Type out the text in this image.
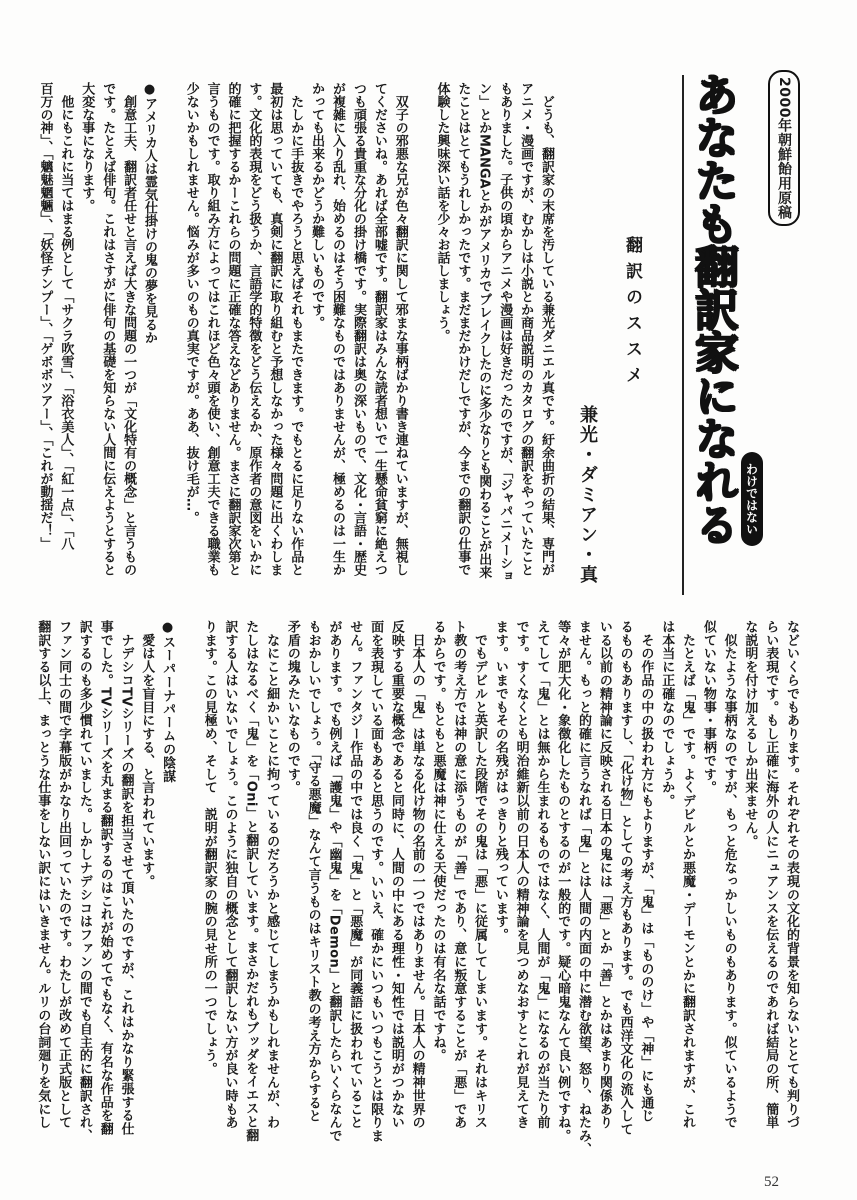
2000年朝鮮飴用原稿
あなたも翻訳家になれる わけではない
翻訳のススメ
兼光・ダミアン・真
　どうも、翻訳家の末席を汚している兼光ダニエル真です。紆余曲折の結果、専門が
アニメ・漫画ですが、むかしは小説とか商品説明のカタログの翻訳をやっていたこと
もありました。子供の頃からアニメや漫画は好きだったのですが、「ジャパニメーショ
ン」とかMANGAとかがアメリカでブレイクしたのに多少なりとも関わることが出来
たことはとてもうれしかったです。まだまだかけだしですが、今までの翻訳の仕事で
体験した興味深い話を少々お話しましょう。
　双子の邪悪な兄が色々翻訳に関して邪まな事柄ばかり書き連ねていますが、無視し
てくださいね。あれば全部嘘です。翻訳家はみんな読者想いで一生懸命貧窮に絶えつ
つも頑張る貴重な分化の掛け橋です。実際翻訳は奥の深いもので、文化・言語・歴史
が複雑に入り乱れ、始めるのはそう困難なものではありませんが、極めるのは一生か
かっても出来るかどうか難しいものです。
　たしかに手抜きでやろうと思えばそれもまたできます。でもとるに足りない作品と
最初は思っていても、真剣に翻訳に取り組むと予想しなかった様々問題に出くわしま
す。文化的表現をどう扱うか、言語学的特徴をどう伝えるか、原作者の意図をいかに
的確に把握するかーこれらの問題に正確な答えなどありません。まさに翻訳家次第と
言うものです。取り組み方によってはこれほど色々頭を使い、創意工夫できる職業も
少ないかもしれません。悩みが多いのもの真実ですが。ああ、抜け毛が…。
●アメリカ人は霊気仕掛けの鬼の夢を見るか
　創意工夫、翻訳者任せと言えば大きな問題の一つが「文化特有の概念」と言うもの
です。たとえば俳句。これはさすがに俳句の基礎を知らない人間に伝えようとすると
大変な事になります。
　他にもこれに当てはまる例として「サクラ吹雪」、「浴衣美人」、「紅一点」、「八
百万の神」、「魑魅魍魎」、「妖怪チンプー」、「ゲボボツアー」、「これが動揺だ！」
などいくらでもあります。それぞれその表現の文化的背景を知らないととても判りづ
らい表現です。もし正確に海外の人にニュアンスを伝えるのであれば結局の所、簡単
な説明を付け加えるしか出来ません。
　似たような事柄なのですが、もっと危なっかしいものもあります。似ているようで
似ていない物事・事柄です。
　たとえば「鬼」です。よくデビルとか悪魔・デーモンとかに翻訳されますが、これ
は本当に正確なのでしょうか。
　その作品の中の扱われ方にもよりますが、「鬼」は「もののけ」や「神」にも通じ
るものもありますし、「化け物」としての考え方もあります。でも西洋文化の流入して
いる以前の精神論に反映される日本の鬼には「悪」とか「善」とかはあまり関係あり
ません。もっと的確に言うなれば「鬼」とは人間の内面の中に潜む欲望、怒り、ねたみ、
等々が肥大化・象徴化したものとするのが一般的です。疑心暗鬼なんて良い例ですね。
えてして「鬼」とは無から生まれるものではなく、人間が「鬼」になるのが当たり前
です。すくなくとも明治維新以前の日本人の精神論を見つめなおすとこれが見えてき
ます。いまでもその名残がはっきりと残っています。
　でもデビルと英訳した段階でその鬼は「悪」に従属してしまいます。それはキリス
ト教の考え方では神の意に添うものが「善」であり、意に叛意することが「悪」であ
るからです。もともと悪魔は神に仕える天使だったのは有名な話ですね。
　日本人の「鬼」は単なる化け物の名前の一つではありません。日本人の精神世界の
反映する重要な概念であると同時に、人間の中にある理性・知性では説明がつかない
面を表現している面もあると思うのです。いいえ、確かにいつもいつもこうとは限りま
せん。ファンタジー作品の中では良く「鬼」と「悪魔」が同義語に扱われていること
があります。でも例えば「護鬼」や「幽鬼」を「Demon」と翻訳したらいくらなんで
もおかしいでしょう。「守る悪魔」なんて言うものはキリスト教の考え方からすると
矛盾の塊みたいなものです。
　なにこと細かいことに拘っているのだろうかと感じてしまうかもしれませんが、わ
たしはなるべく「鬼」を「Oni」と翻訳しています。まさかだれもブッダをイエスと翻
訳する人はいないでしょう。このように独自の概念として翻訳しない方が良い時もあ
ります。この見極め、そして　説明が翻訳家の腕の見せ所の一つでしょう。
●スーパーナパームの陰謀
　愛は人を盲目にする、と言われています。
　ナデシコTVシリーズの翻訳を担当させて頂いたのですが、これはかなり緊張する仕
事でした。TVシリーズを丸まる翻訳するのはこれが始めてでもなく、有名な作品を翻
訳するのも多少慣れていました。しかしナデシコはファンの間でも自主的に翻訳され、
ファン同士の間で字幕版がかなり出回っていたのです。わたしが改めて正式版として
翻訳する以上、まっとうな仕事をしない訳にはいきません。ルリの台詞廻りを気にし
52
